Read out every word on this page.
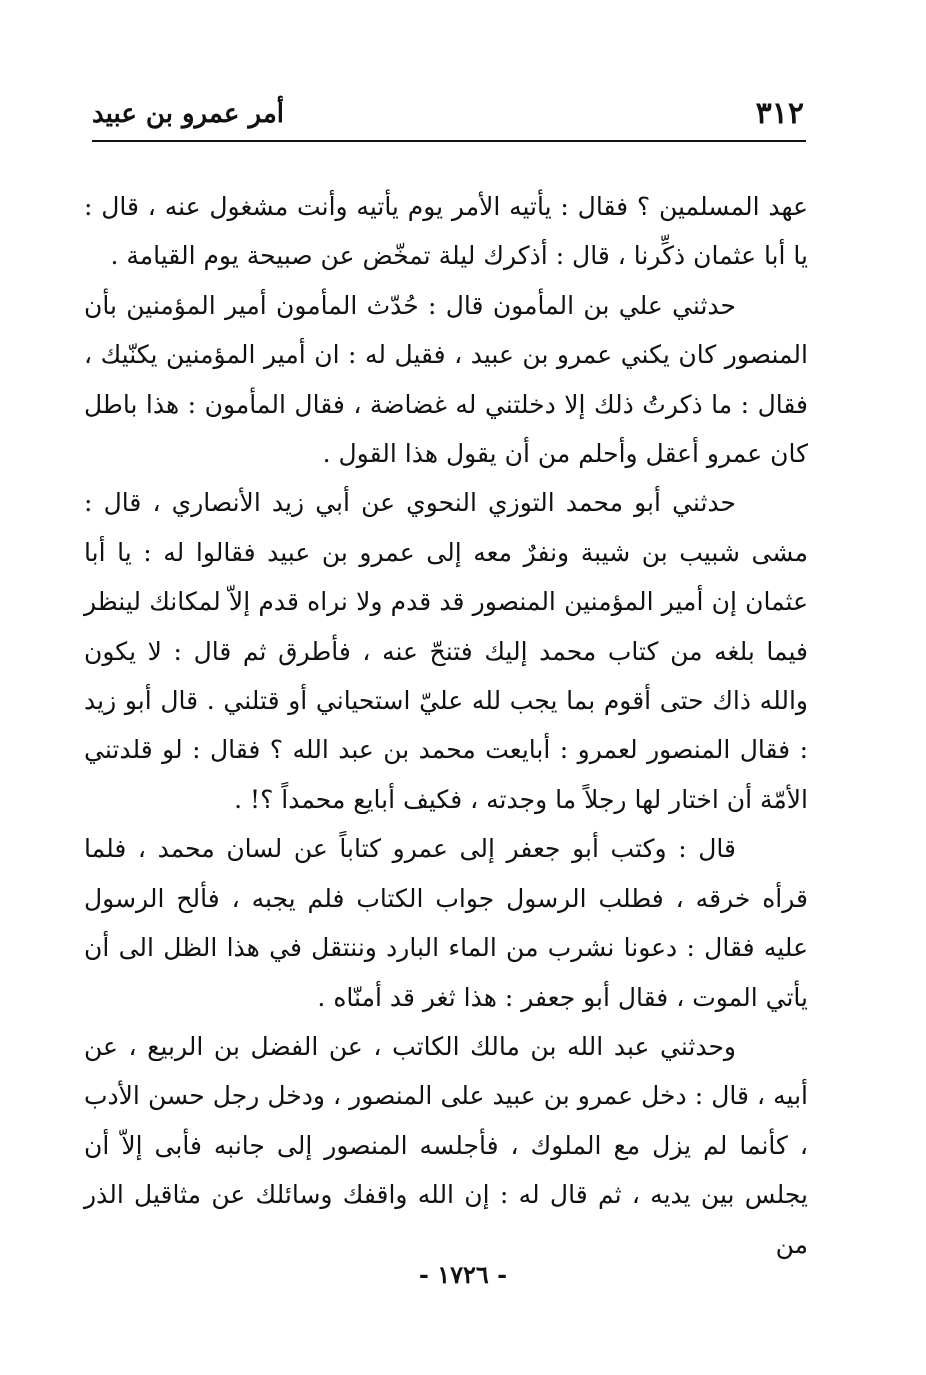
٣١٢
أمر عمرو بن عبيد

عهد المسلمين ؟ فقال : يأتيه الأمر يوم يأتيه وأنت مشغول عنه ، قال : يا أبا عثمان ذكِّرنا ، قال : أذكرك ليلة تمخّض عن صبيحة يوم القيامة .

حدثني علي بن المأمون قال : حُدّث المأمون أمير المؤمنين بأن المنصور كان يكني عمرو بن عبيد ، فقيل له : ان أمير المؤمنين يكنّيك ، فقال : ما ذكرتُ ذلك إلا دخلتني له غضاضة ، فقال المأمون : هذا باطل كان عمرو أعقل وأحلم من أن يقول هذا القول .

حدثني أبو محمد التوزي النحوي عن أبي زيد الأنصاري ، قال : مشى شبيب بن شيبة ونفرٌ معه إلى عمرو بن عبيد فقالوا له : يا أبا عثمان إن أمير المؤمنين المنصور قد قدم ولا نراه قدم إلاّ لمكانك لينظر فيما بلغه من كتاب محمد إليك فتنحّ عنه ، فأطرق ثم قال : لا يكون والله ذاك حتى أقوم بما يجب لله عليّ استحياني أو قتلني . قال أبو زيد : فقال المنصور لعمرو : أبايعت محمد بن عبد الله ؟ فقال : لو قلدتني الأمّة أن اختار لها رجلاً ما وجدته ، فكيف أبايع محمداً ؟! .

قال : وكتب أبو جعفر إلى عمرو كتاباً عن لسان محمد ، فلما قرأه خرقه ، فطلب الرسول جواب الكتاب فلم يجبه ، فألح الرسول عليه فقال : دعونا نشرب من الماء البارد وننتقل في هذا الظل الى أن يأتي الموت ، فقال أبو جعفر : هذا ثغر قد أمنّاه .

وحدثني عبد الله بن مالك الكاتب ، عن الفضل بن الربيع ، عن أبيه ، قال : دخل عمرو بن عبيد على المنصور ، ودخل رجل حسن الأدب ، كأنما لم يزل مع الملوك ، فأجلسه المنصور إلى جانبه فأبى إلاّ أن يجلس بين يديه ، ثم قال له : إن الله واقفك وسائلك عن مثاقيل الذر من

- ١٧٢٦ -
